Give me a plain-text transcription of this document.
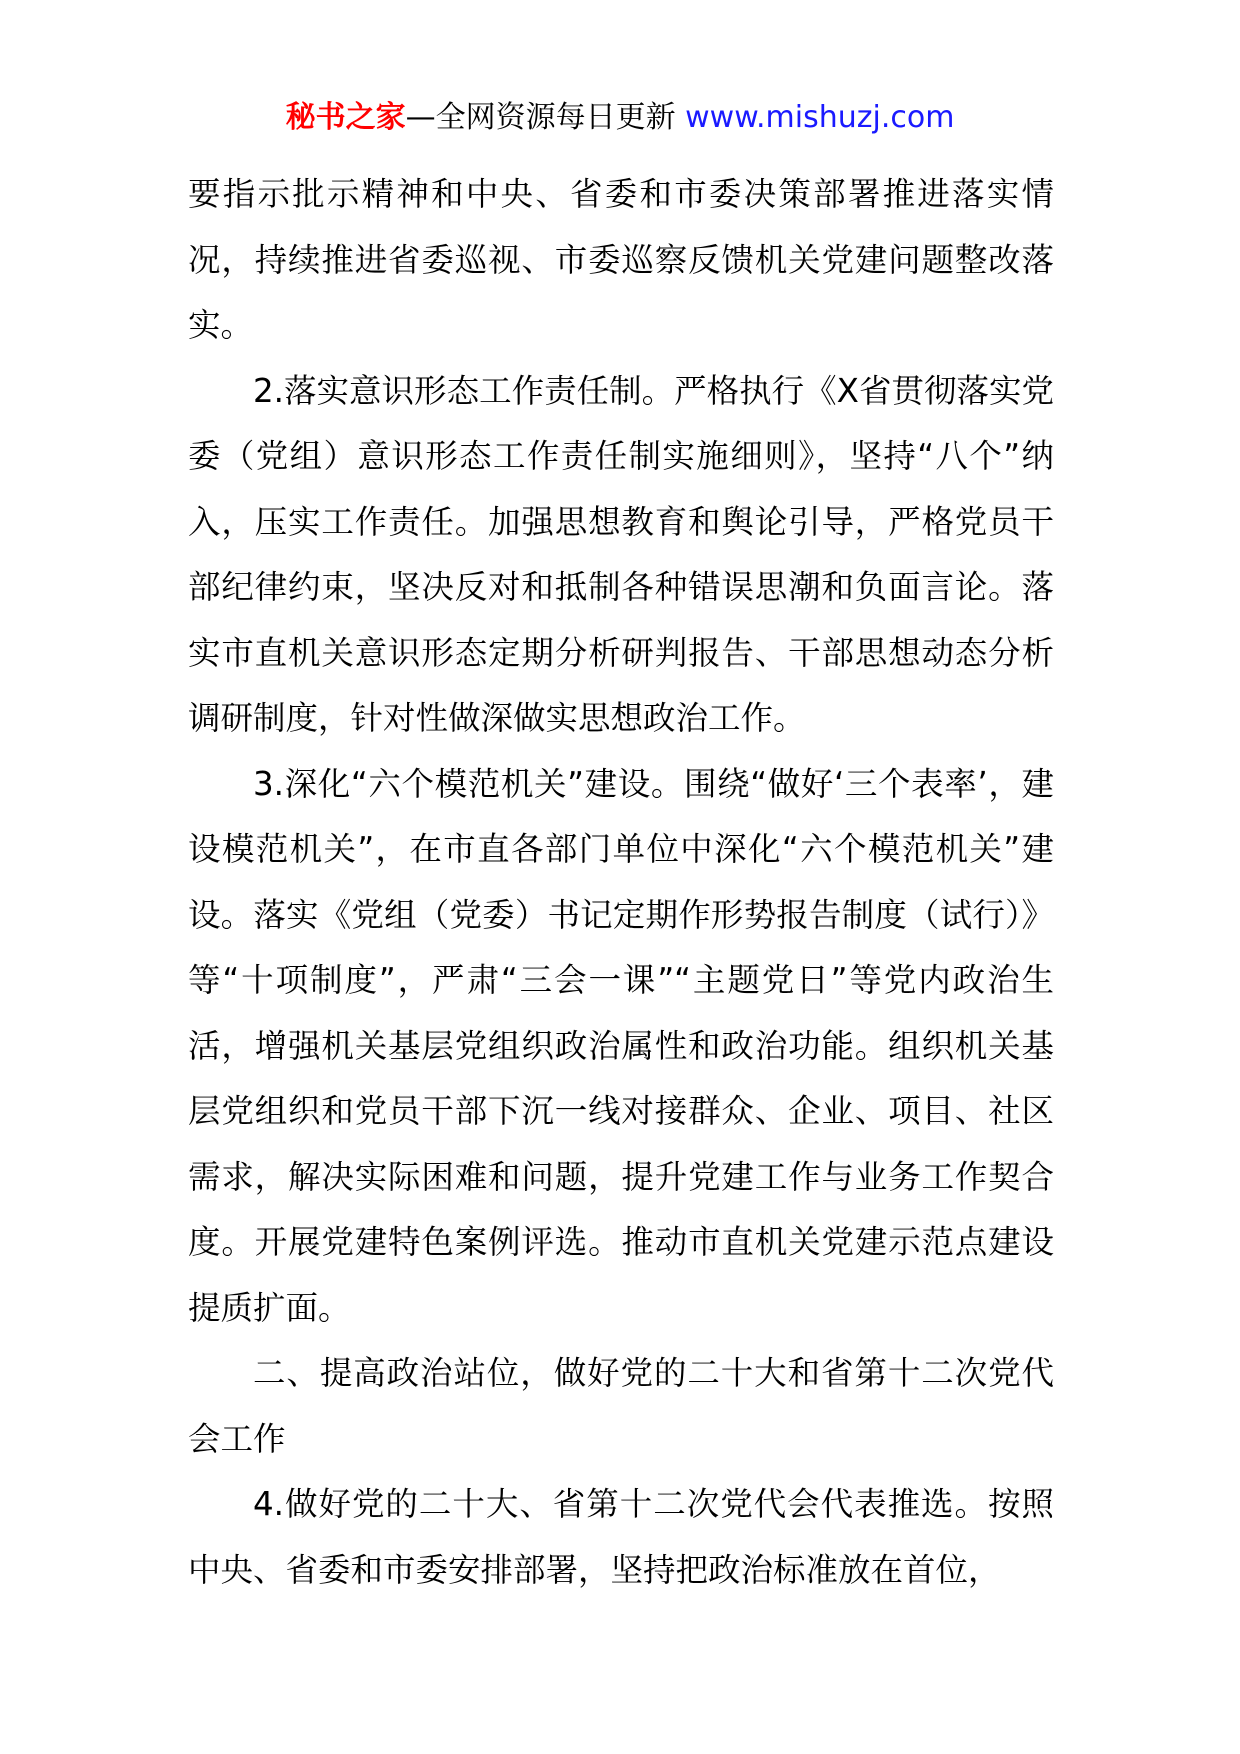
秘书之家—全网资源每日更新 www.mishuzj.com

要指示批示精神和中央、省委和市委决策部署推进落实情况，持续推进省委巡视、市委巡察反馈机关党建问题整改落实。

2.落实意识形态工作责任制。严格执行《X省贯彻落实党委（党组）意识形态工作责任制实施细则》，坚持“八个”纳入，压实工作责任。加强思想教育和舆论引导，严格党员干部纪律约束，坚决反对和抵制各种错误思潮和负面言论。落实市直机关意识形态定期分析研判报告、干部思想动态分析调研制度，针对性做深做实思想政治工作。

3.深化“六个模范机关”建设。围绕“做好‘三个表率’，建设模范机关”，在市直各部门单位中深化“六个模范机关”建设。落实《党组（党委）书记定期作形势报告制度（试行）》等“十项制度”，严肃“三会一课”“主题党日”等党内政治生活，增强机关基层党组织政治属性和政治功能。组织机关基层党组织和党员干部下沉一线对接群众、企业、项目、社区需求，解决实际困难和问题，提升党建工作与业务工作契合度。开展党建特色案例评选。推动市直机关党建示范点建设提质扩面。

二、提高政治站位，做好党的二十大和省第十二次党代会工作

4.做好党的二十大、省第十二次党代会代表推选。按照中央、省委和市委安排部署，坚持把政治标准放在首位，
